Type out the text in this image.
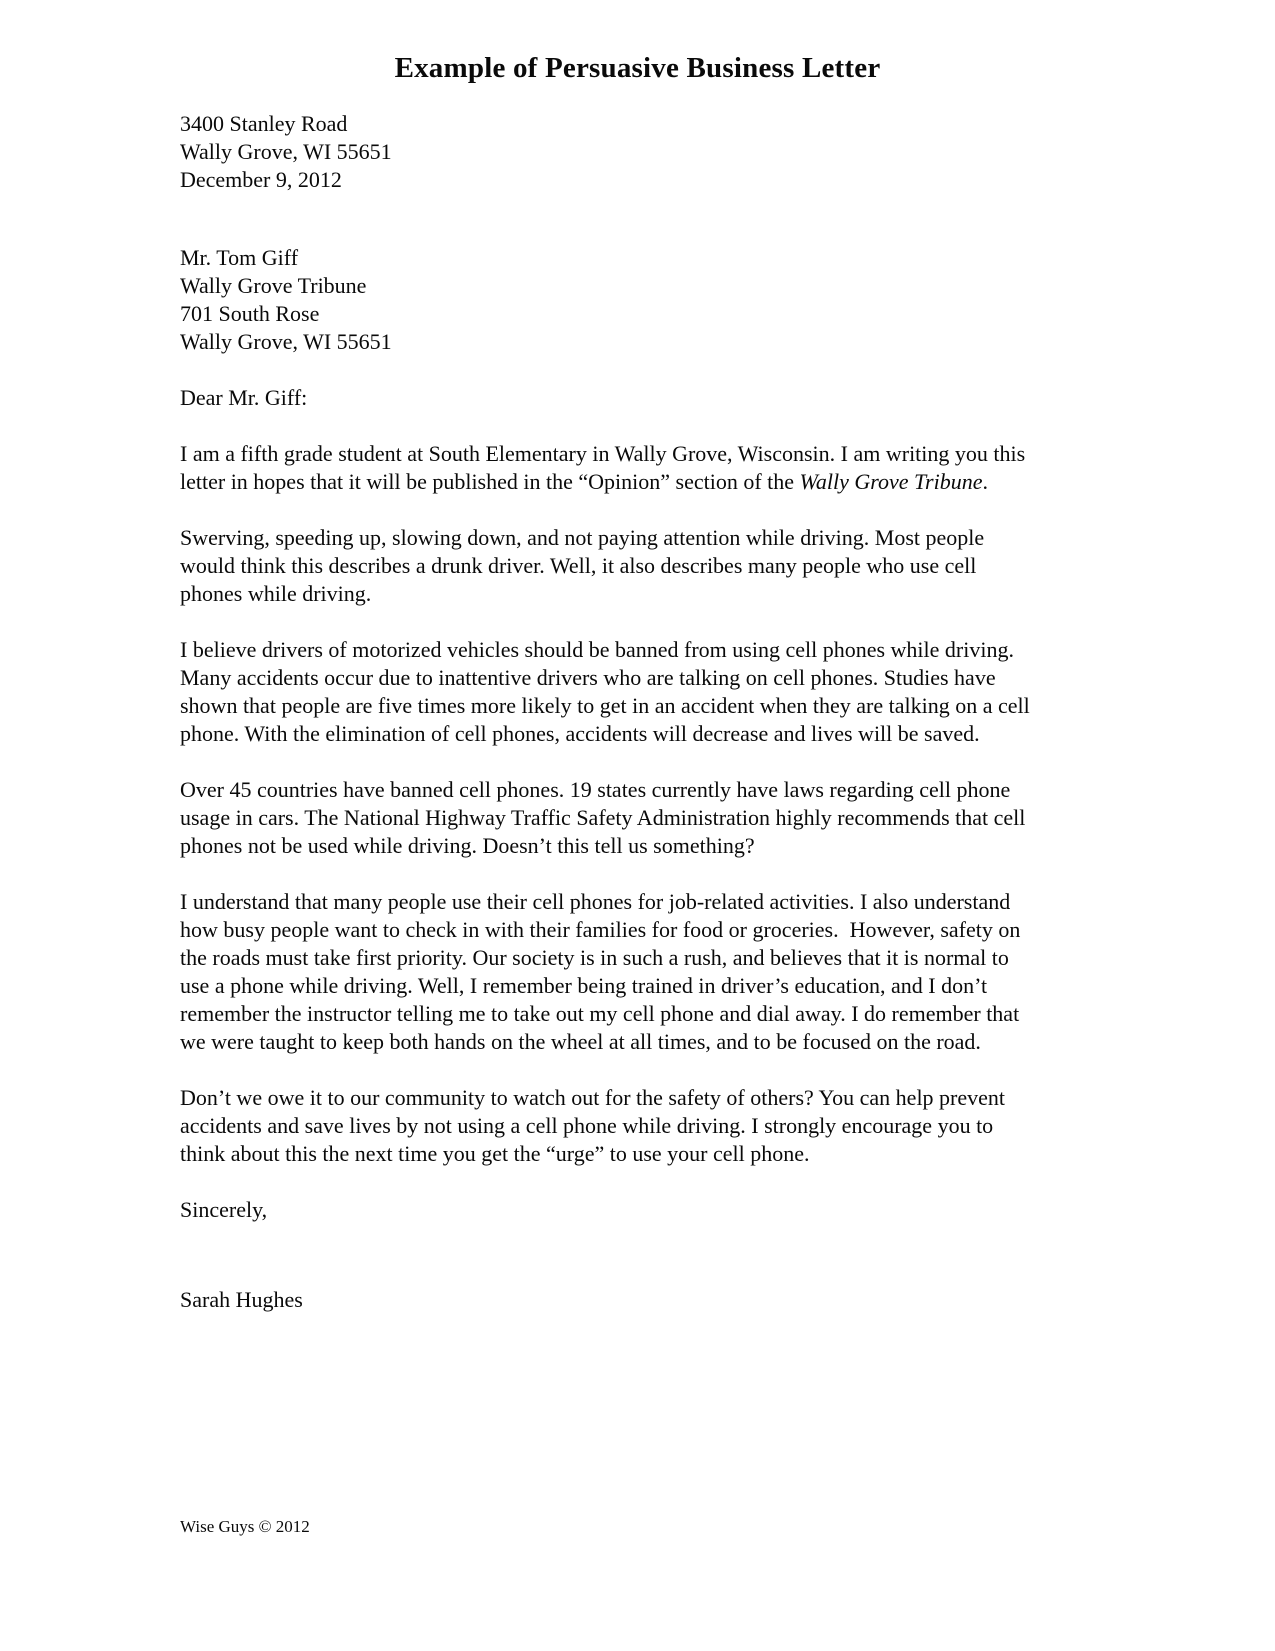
Example of Persuasive Business Letter
3400 Stanley Road
Wally Grove, WI 55651
December 9, 2012
Mr. Tom Giff
Wally Grove Tribune
701 South Rose
Wally Grove, WI 55651
Dear Mr. Giff:

I am a fifth grade student at South Elementary in Wally Grove, Wisconsin. I am writing you this letter in hopes that it will be published in the “Opinion” section of the Wally Grove Tribune.

Swerving, speeding up, slowing down, and not paying attention while driving. Most people would think this describes a drunk driver. Well, it also describes many people who use cell phones while driving.

I believe drivers of motorized vehicles should be banned from using cell phones while driving. Many accidents occur due to inattentive drivers who are talking on cell phones. Studies have shown that people are five times more likely to get in an accident when they are talking on a cell phone. With the elimination of cell phones, accidents will decrease and lives will be saved.

Over 45 countries have banned cell phones. 19 states currently have laws regarding cell phone usage in cars. The National Highway Traffic Safety Administration highly recommends that cell phones not be used while driving. Doesn’t this tell us something?

I understand that many people use their cell phones for job-related activities. I also understand how busy people want to check in with their families for food or groceries.  However, safety on the roads must take first priority. Our society is in such a rush, and believes that it is normal to use a phone while driving. Well, I remember being trained in driver’s education, and I don’t remember the instructor telling me to take out my cell phone and dial away. I do remember that we were taught to keep both hands on the wheel at all times, and to be focused on the road.

Don’t we owe it to our community to watch out for the safety of others? You can help prevent accidents and save lives by not using a cell phone while driving. I strongly encourage you to think about this the next time you get the “urge” to use your cell phone.

Sincerely,
Sarah Hughes
Wise Guys © 2012
